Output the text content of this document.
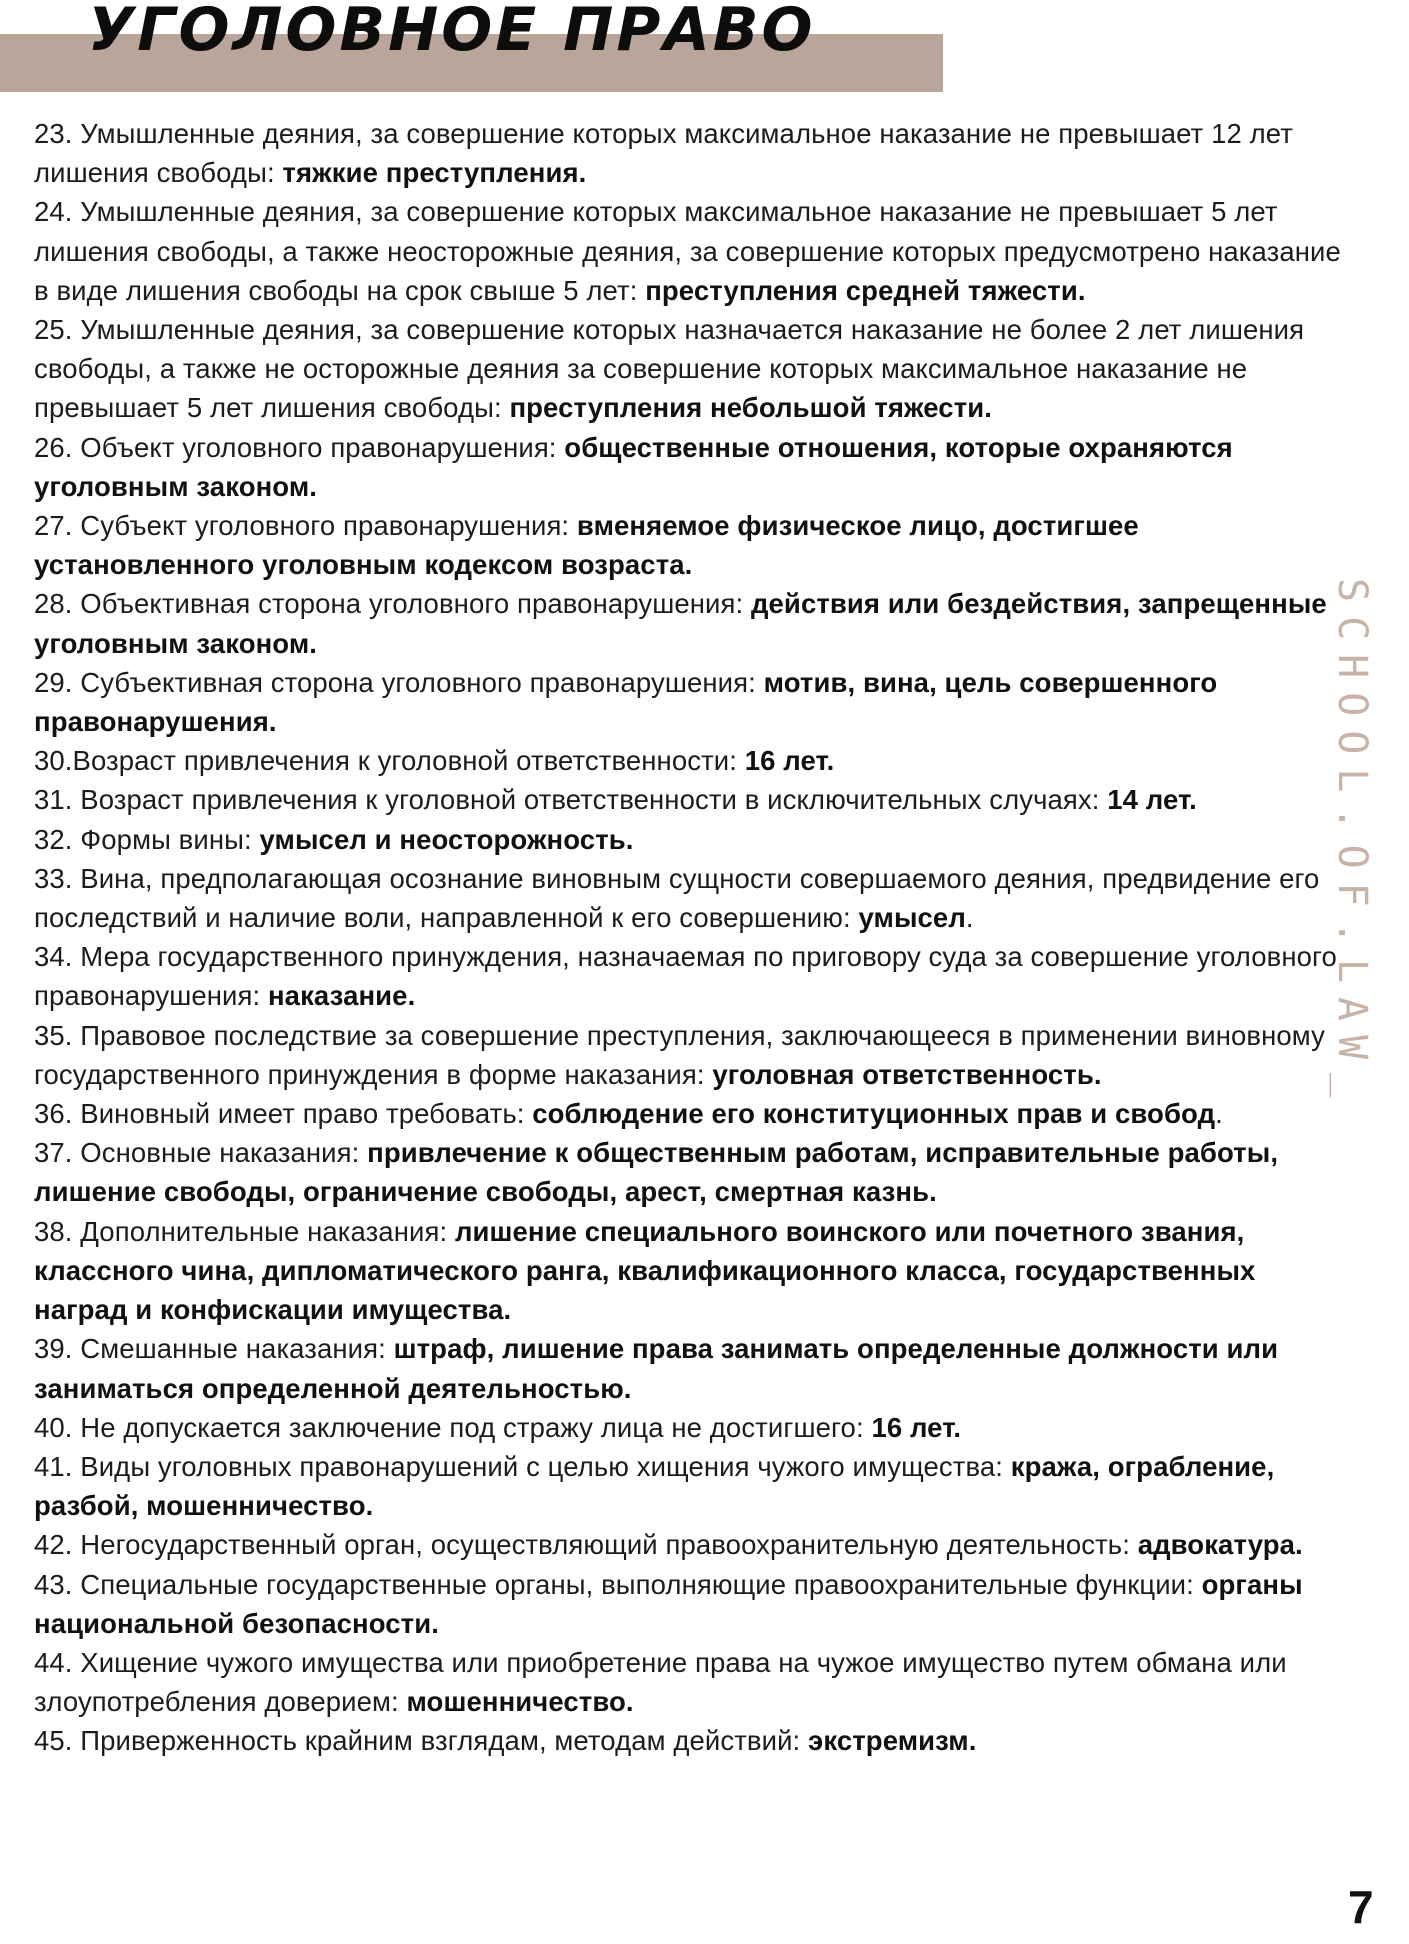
УГОЛОВНОЕ ПРАВО

23. Умышленные деяния, за совершение которых максимальное наказание не превышает 12 лет лишения свободы: тяжкие преступления.

24. Умышленные деяния, за совершение которых максимальное наказание не превышает 5 лет лишения свободы, а также неосторожные деяния, за совершение которых предусмотрено наказание в виде лишения свободы на срок свыше 5 лет: преступления средней тяжести.

25. Умышленные деяния, за совершение которых назначается наказание не более 2 лет лишения свободы, а также не осторожные деяния за совершение которых максимальное наказание не превышает 5 лет лишения свободы: преступления небольшой тяжести.

26. Объект уголовного правонарушения: общественные отношения, которые охраняются уголовным законом.

27. Субъект уголовного правонарушения: вменяемое физическое лицо, достигшее установленного уголовным кодексом возраста.

28. Объективная сторона уголовного правонарушения: действия или бездействия, запрещенные уголовным законом.

29. Субъективная сторона уголовного правонарушения: мотив, вина, цель совершенного правонарушения.

30.Возраст привлечения к уголовной ответственности: 16 лет.

31. Возраст привлечения к уголовной ответственности в исключительных случаях: 14 лет.

32. Формы вины: умысел и неосторожность.

33. Вина, предполагающая осознание виновным сущности совершаемого деяния, предвидение его последствий и наличие воли, направленной к его совершению: умысел.

34. Мера государственного принуждения, назначаемая по приговору суда за совершение уголовного правонарушения: наказание.

35. Правовое последствие за совершение преступления, заключающееся в применении виновному государственного принуждения в форме наказания: уголовная ответственность.

36. Виновный имеет право требовать: соблюдение его конституционных прав и свобод.

37. Основные наказания: привлечение к общественным работам, исправительные работы, лишение свободы, ограничение свободы, арест, смертная казнь.

38. Дополнительные наказания: лишение специального воинского или почетного звания, классного чина, дипломатического ранга, квалификационного класса, государственных наград и конфискации имущества.

39. Смешанные наказания: штраф, лишение права занимать определенные должности или заниматься определенной деятельностью.

40. Не допускается заключение под стражу лица не достигшего: 16 лет.

41. Виды уголовных правонарушений с целью хищения чужого имущества: кража, ограбление, разбой, мошенничество.

42. Негосударственный орган, осуществляющий правоохранительную деятельность: адвокатура.

43. Специальные государственные органы, выполняющие правоохранительные функции: органы национальной безопасности.

44. Хищение чужого имущества или приобретение права на чужое имущество путем обмана или злоупотребления доверием: мошенничество.

45. Приверженность крайним взглядам, методам действий: экстремизм.

SCHOOL.OF.LAW_
7
